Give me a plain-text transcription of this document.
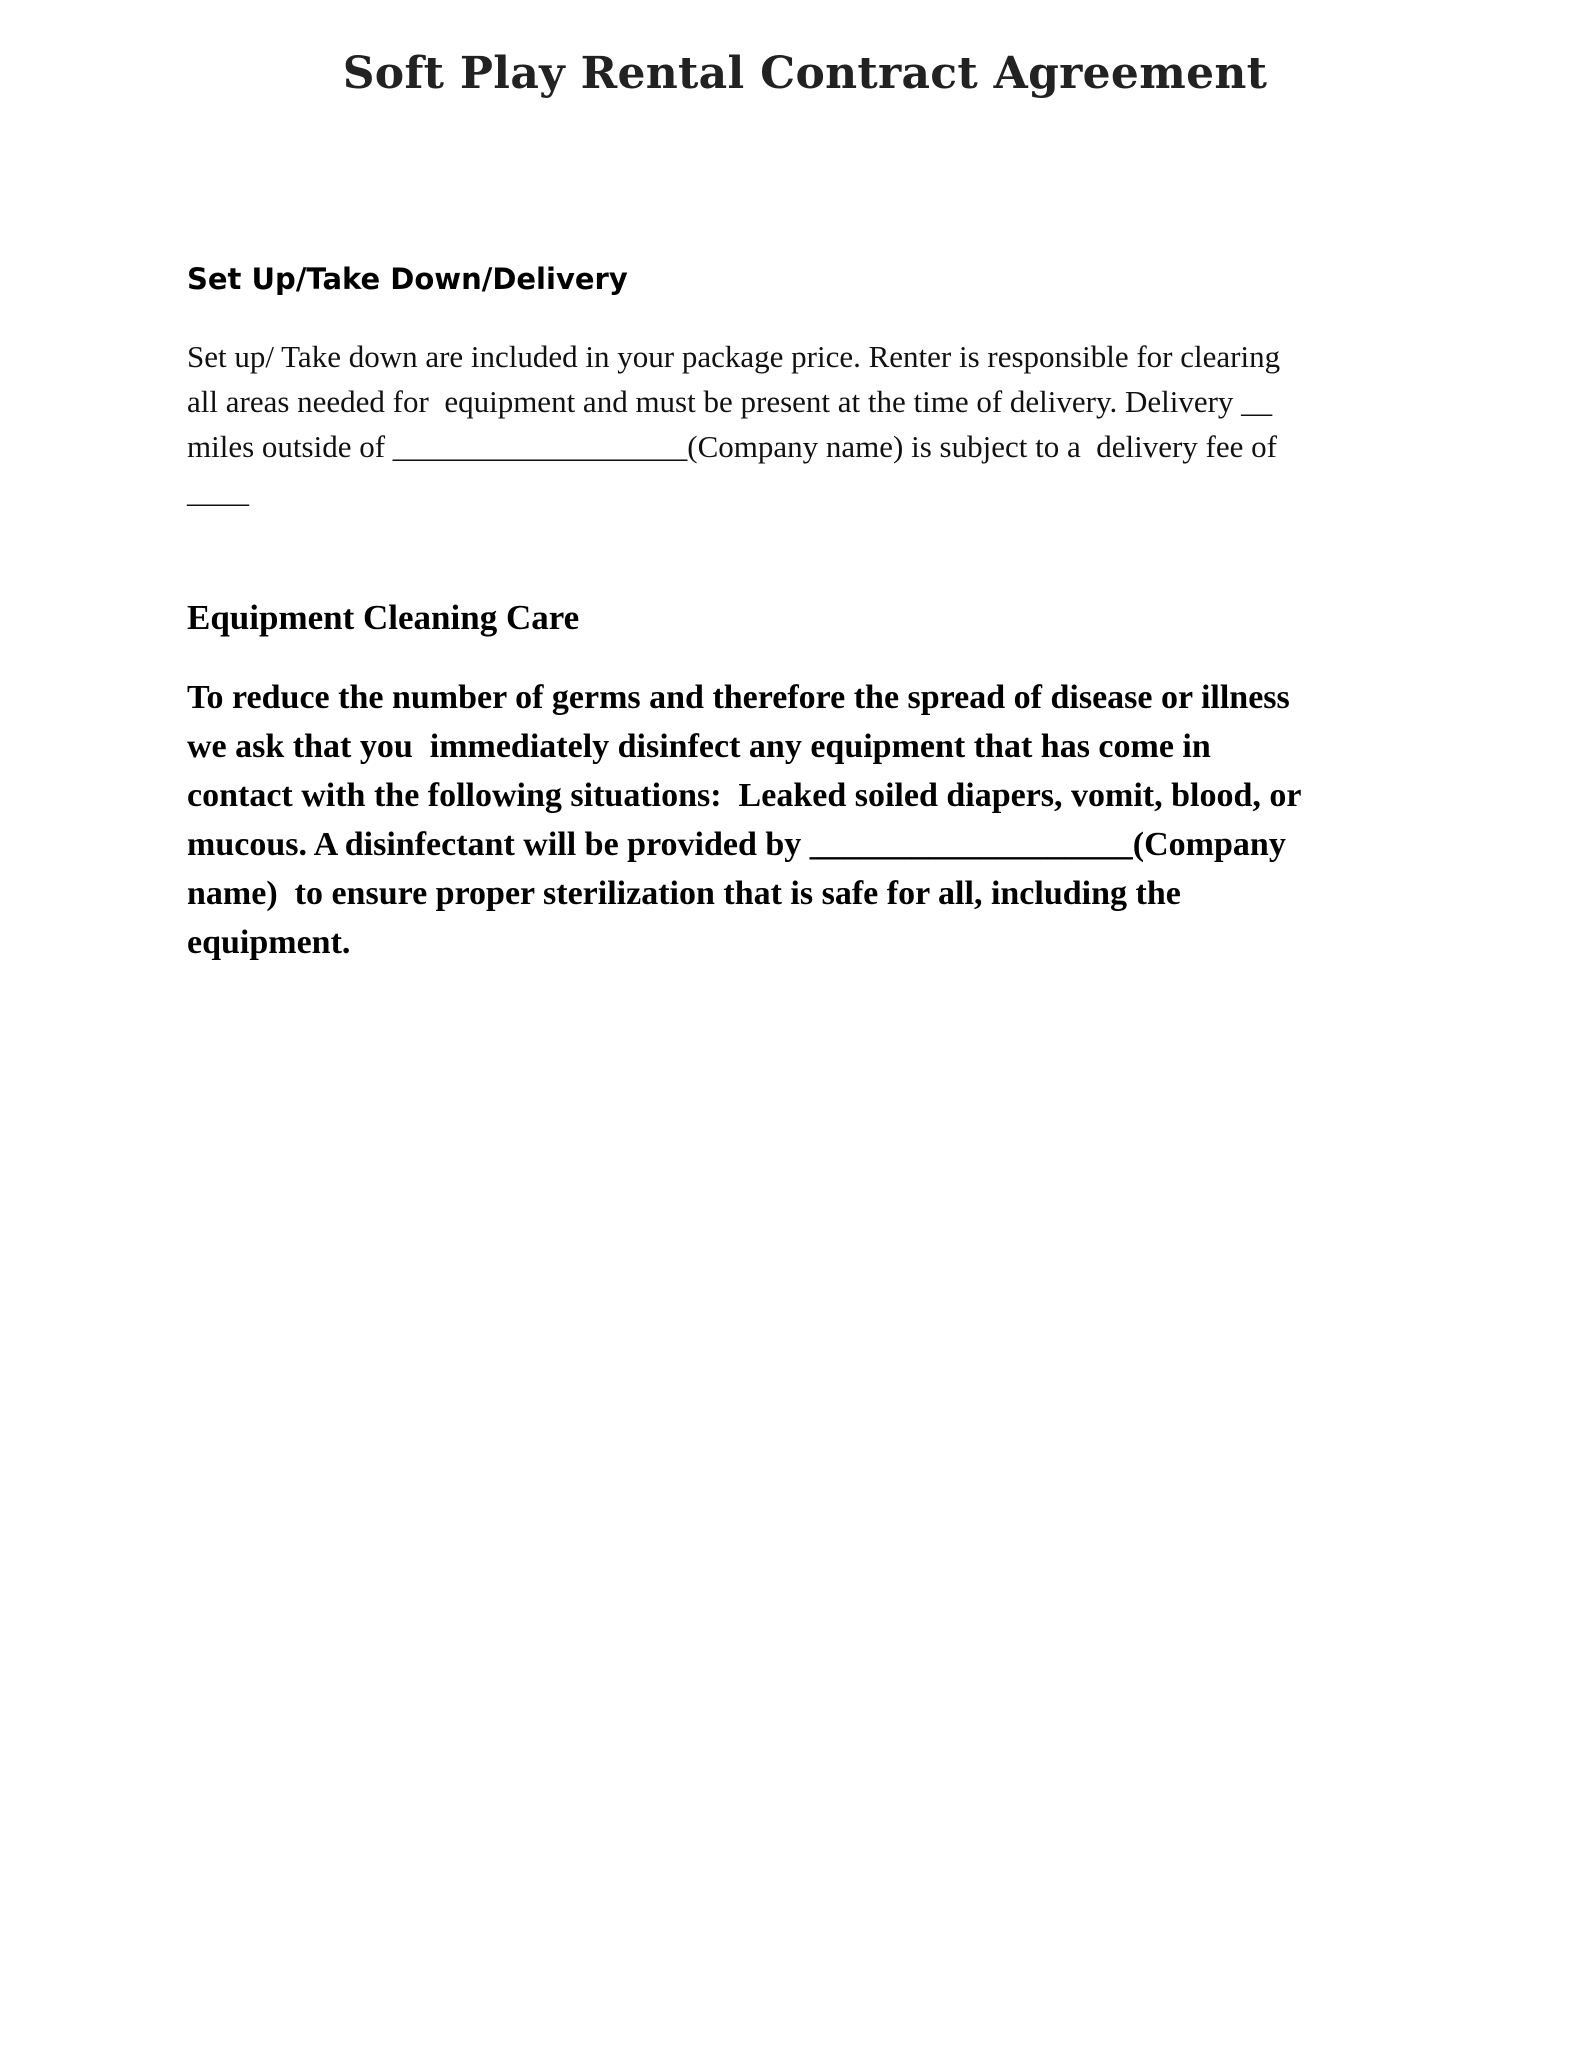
Soft Play Rental Contract Agreement
Set Up/Take Down/Delivery
Set up/ Take down are included in your package price. Renter is responsible for clearing
all areas needed for  equipment and must be present at the time of delivery. Delivery __
miles outside of ___________________(Company name) is subject to a  delivery fee of
____
Equipment Cleaning Care
To reduce the number of germs and therefore the spread of disease or illness
we ask that you  immediately disinfect any equipment that has come in
contact with the following situations:  Leaked soiled diapers, vomit, blood, or
mucous. A disinfectant will be provided by ___________________(Company
name)  to ensure proper sterilization that is safe for all, including the
equipment.
